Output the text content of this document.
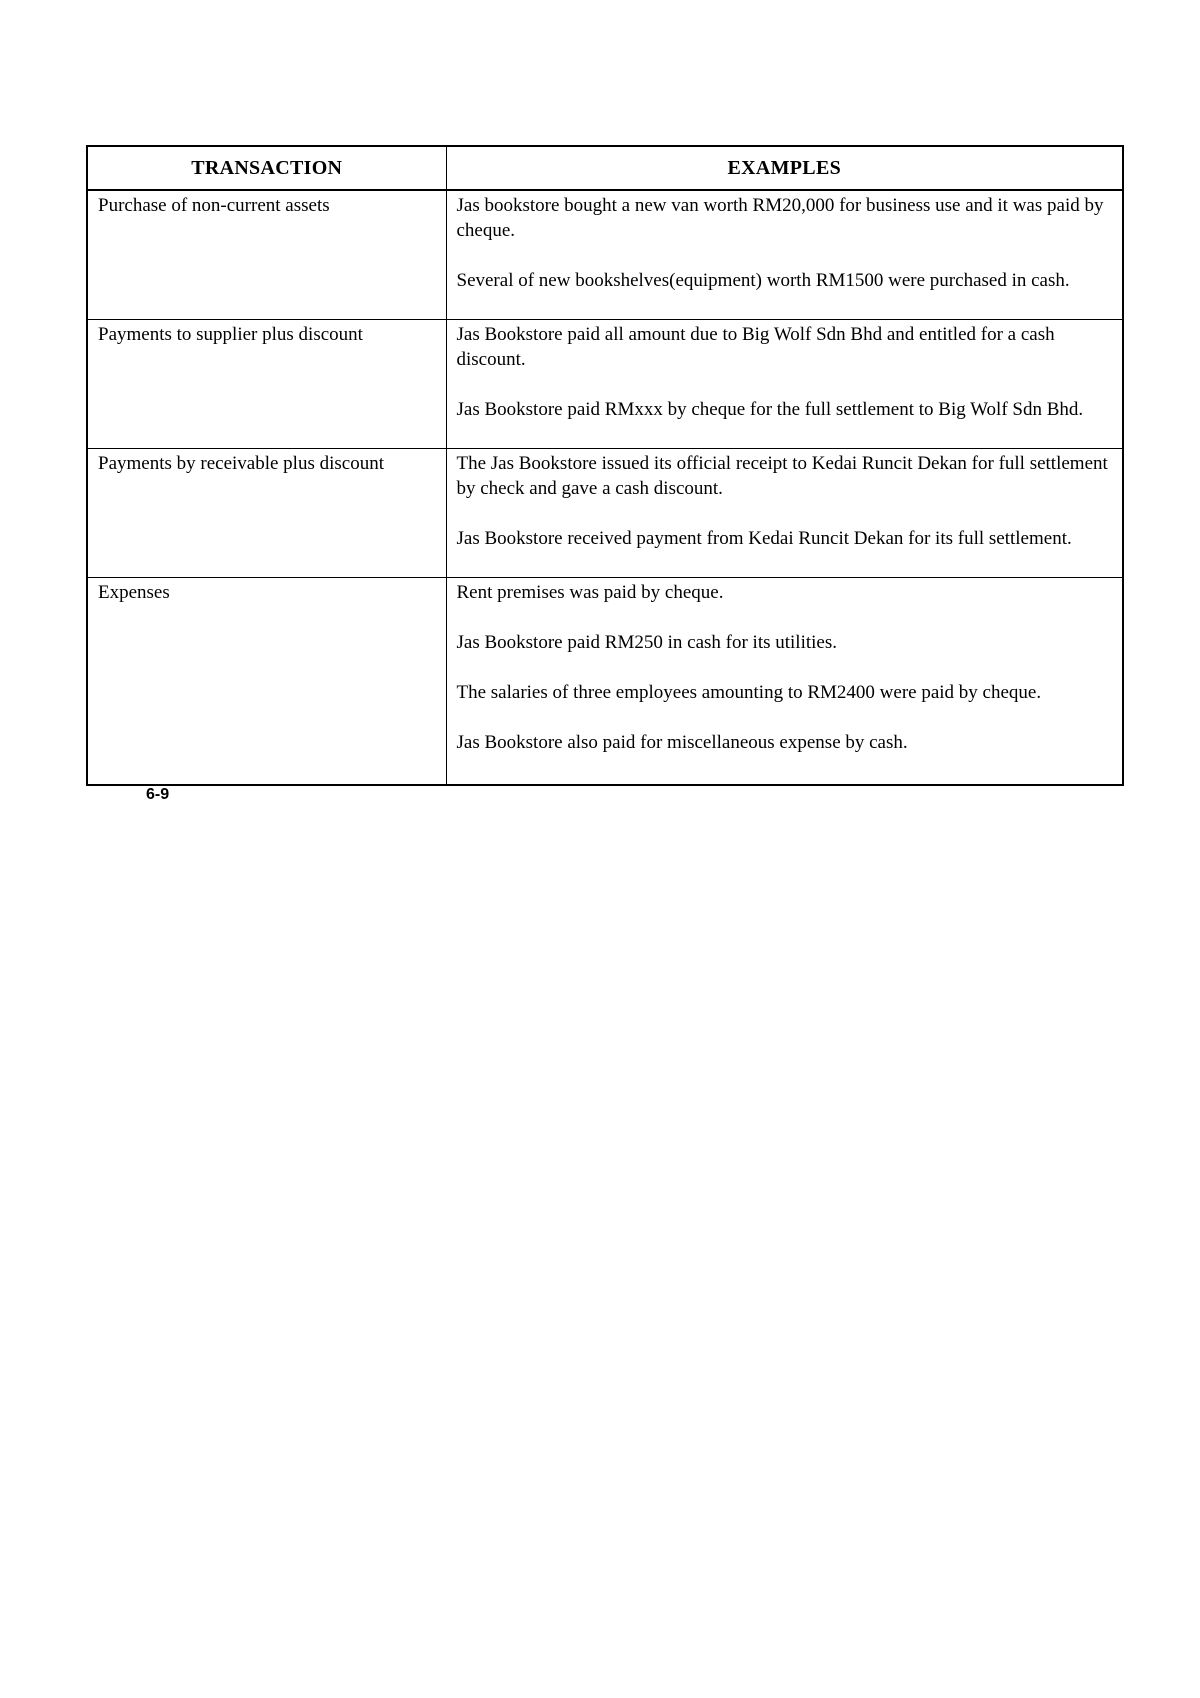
TRANSACTION	EXAMPLES
Purchase of non-current assets	Jas bookstore bought a new van worth RM20,000 for business use and it was paid by cheque.

Several of new bookshelves(equipment) worth RM1500 were purchased in cash.

Payments to supplier plus discount	Jas Bookstore paid all amount due to Big Wolf Sdn Bhd and entitled for a cash discount.

Jas Bookstore paid RMxxx by cheque for the full settlement to Big Wolf Sdn Bhd.

Payments by receivable plus discount	The Jas Bookstore issued its official receipt to Kedai Runcit Dekan for full settlement by check and gave a cash discount.

Jas Bookstore received payment from Kedai Runcit Dekan for its full settlement.

Expenses	Rent premises was paid by cheque.

Jas Bookstore paid RM250 in cash for its utilities.

The salaries of three employees amounting to RM2400 were paid by cheque.

Jas Bookstore also paid for miscellaneous expense by cash.

6-9
